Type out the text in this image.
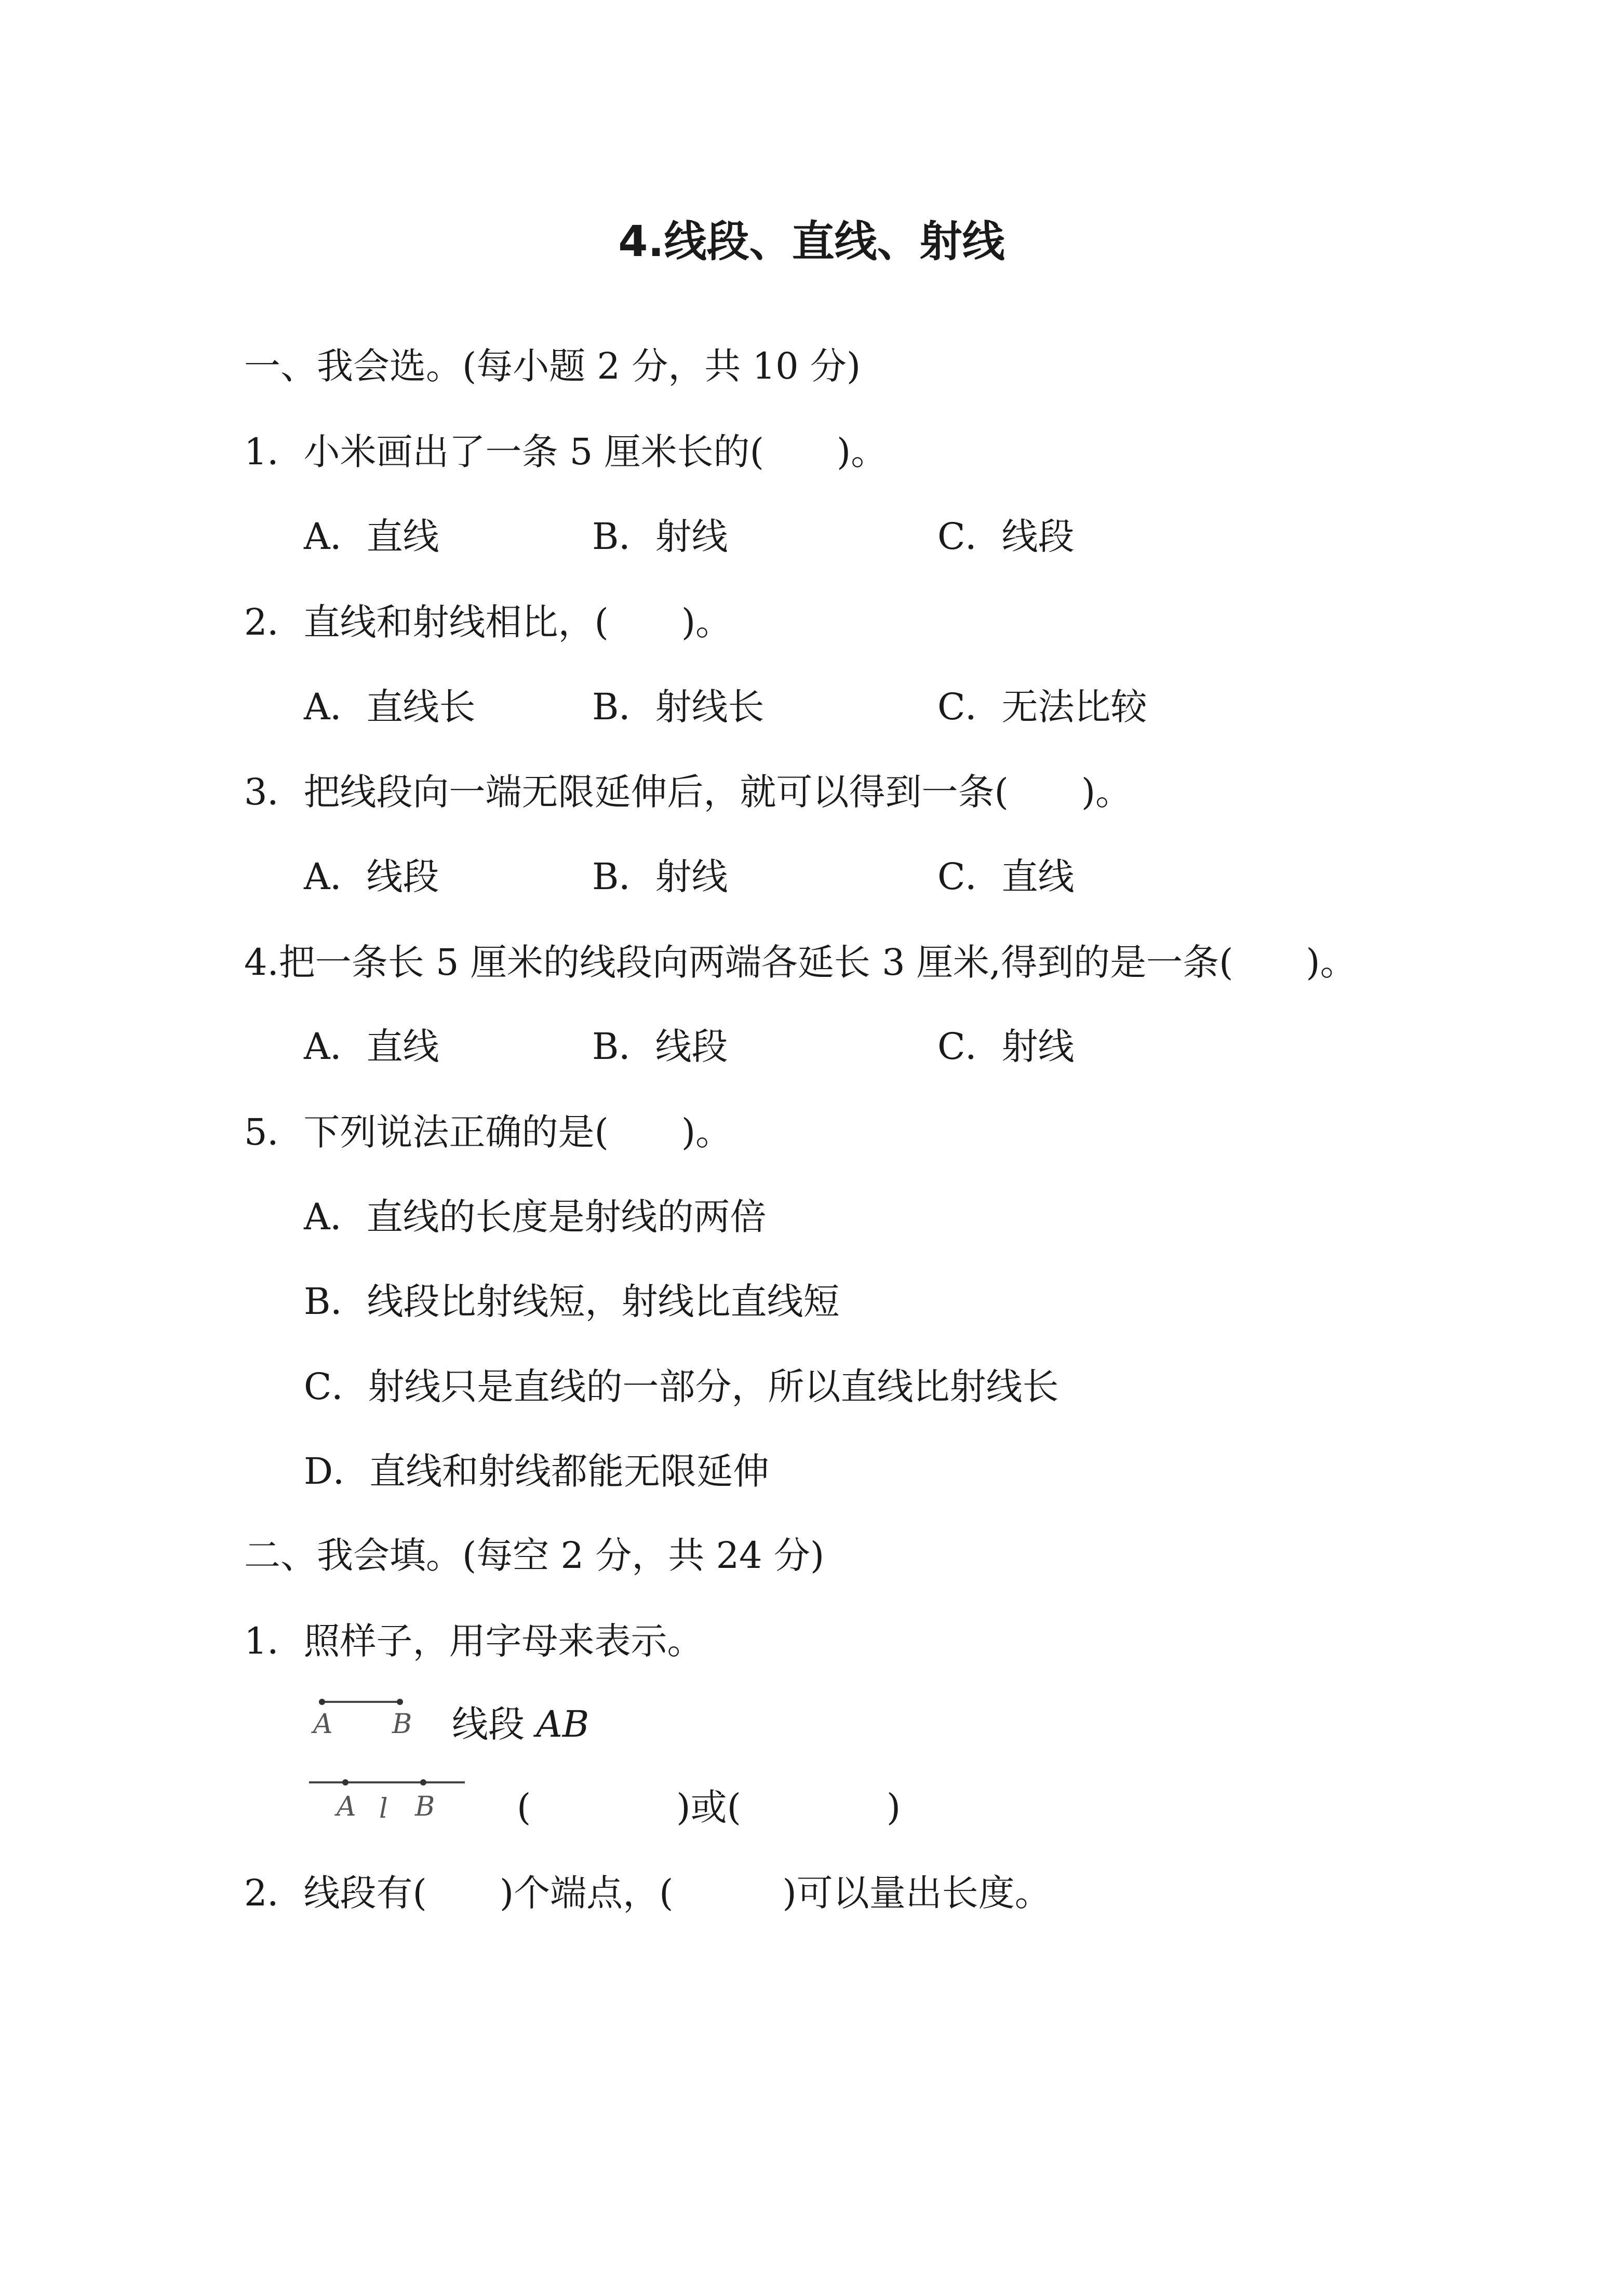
4.线段、直线、射线

一、我会选。(每小题 2 分，共 10 分)

1．小米画出了一条 5 厘米长的(　　)。

A．直线	B．射线	C．线段

2．直线和射线相比，(　　)。

A．直线长	B．射线长	C．无法比较

3．把线段向一端无限延伸后，就可以得到一条(　　)。

A．线段	B．射线	C．直线

4.把一条长 5 厘米的线段向两端各延长 3 厘米,得到的是一条(　　)。

A．直线	B．线段	C．射线

5．下列说法正确的是(　　)。

A．直线的长度是射线的两倍

B．线段比射线短，射线比直线短

C．射线只是直线的一部分，所以直线比射线长

D．直线和射线都能无限延伸

二、我会填。(每空 2 分，共 24 分)

1．照样子，用字母来表示。

A B 线段 AB

A l B (　　　　)或(　　　　)

2．线段有(　　)个端点，(　　　)可以量出长度。
